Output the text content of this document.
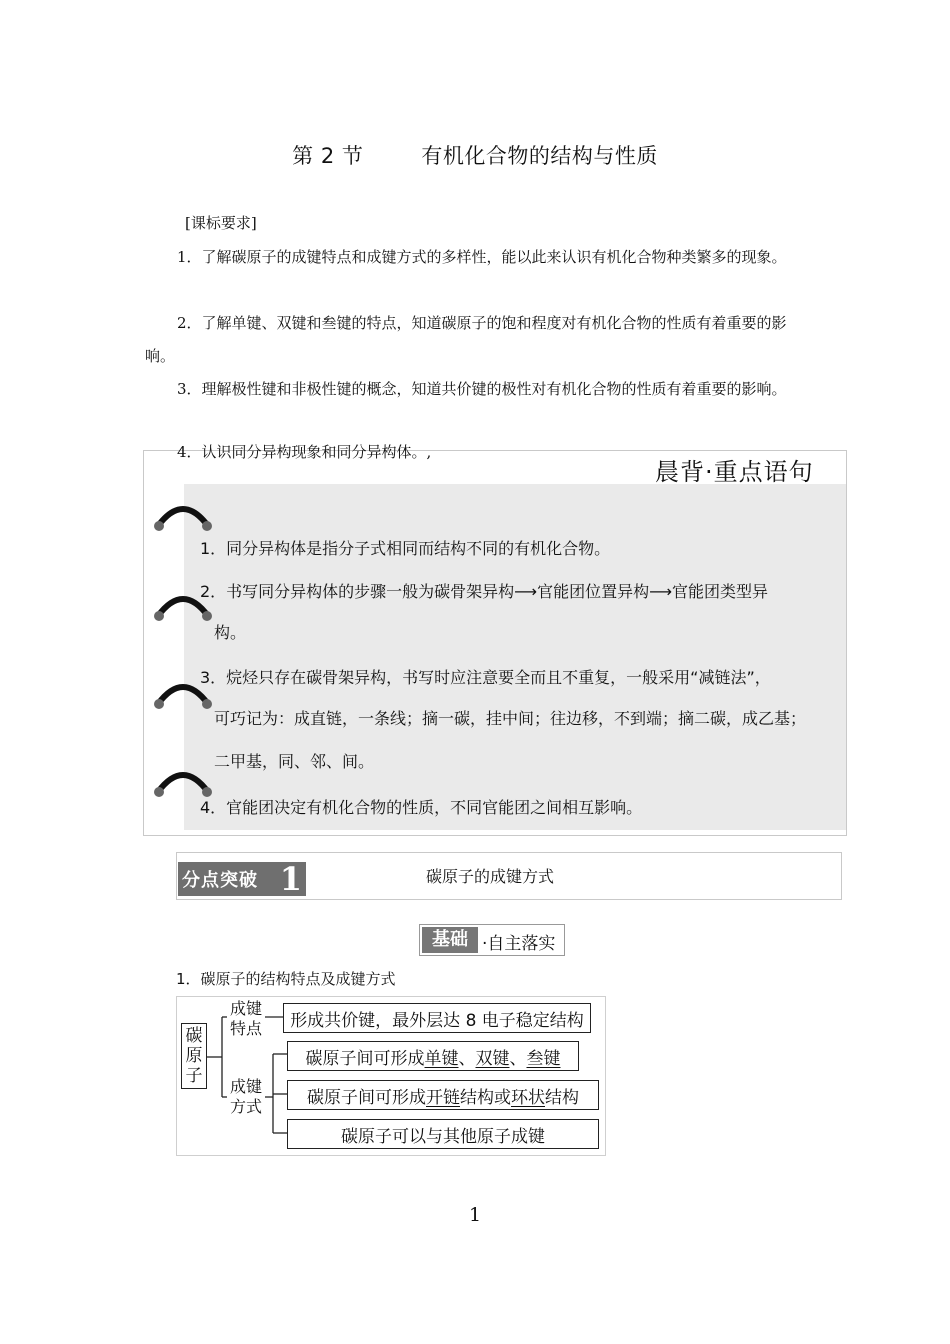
第 2 节	有机化合物的结构与性质
[课标要求]
1．了解碳原子的成键特点和成键方式的多样性，能以此来认识有机化合物种类繁多的现象。
2．了解单键、双键和叁键的特点，知道碳原子的饱和程度对有机化合物的性质有着重要的影响。
3．理解极性键和非极性键的概念，知道共价键的极性对有机化合物的性质有着重要的影响。
4．认识同分异构现象和同分异构体。,
晨背·重点语句
1．同分异构体是指分子式相同而结构不同的有机化合物。
2．书写同分异构体的步骤一般为碳骨架异构⟶官能团位置异构⟶官能团类型异
构。
3．烷烃只存在碳骨架异构，书写时应注意要全而且不重复，一般采用“减链法”，
可巧记为：成直链，一条线；摘一碳，挂中间；往边移，不到端；摘二碳，成乙基；
二甲基，同、邻、间。
4．官能团决定有机化合物的性质，不同官能团之间相互影响。
分点突破 1	碳原子的成键方式
基础 ·自主落实
1．碳原子的结构特点及成键方式
碳原子
成键特点
成键方式
形成共价键，最外层达 8 电子稳定结构
碳原子间可形成 单键 、 双键 、 叁键
碳原子间可形成 开链 结构或 环状 结构
碳原子可以与其他原子成键
1
